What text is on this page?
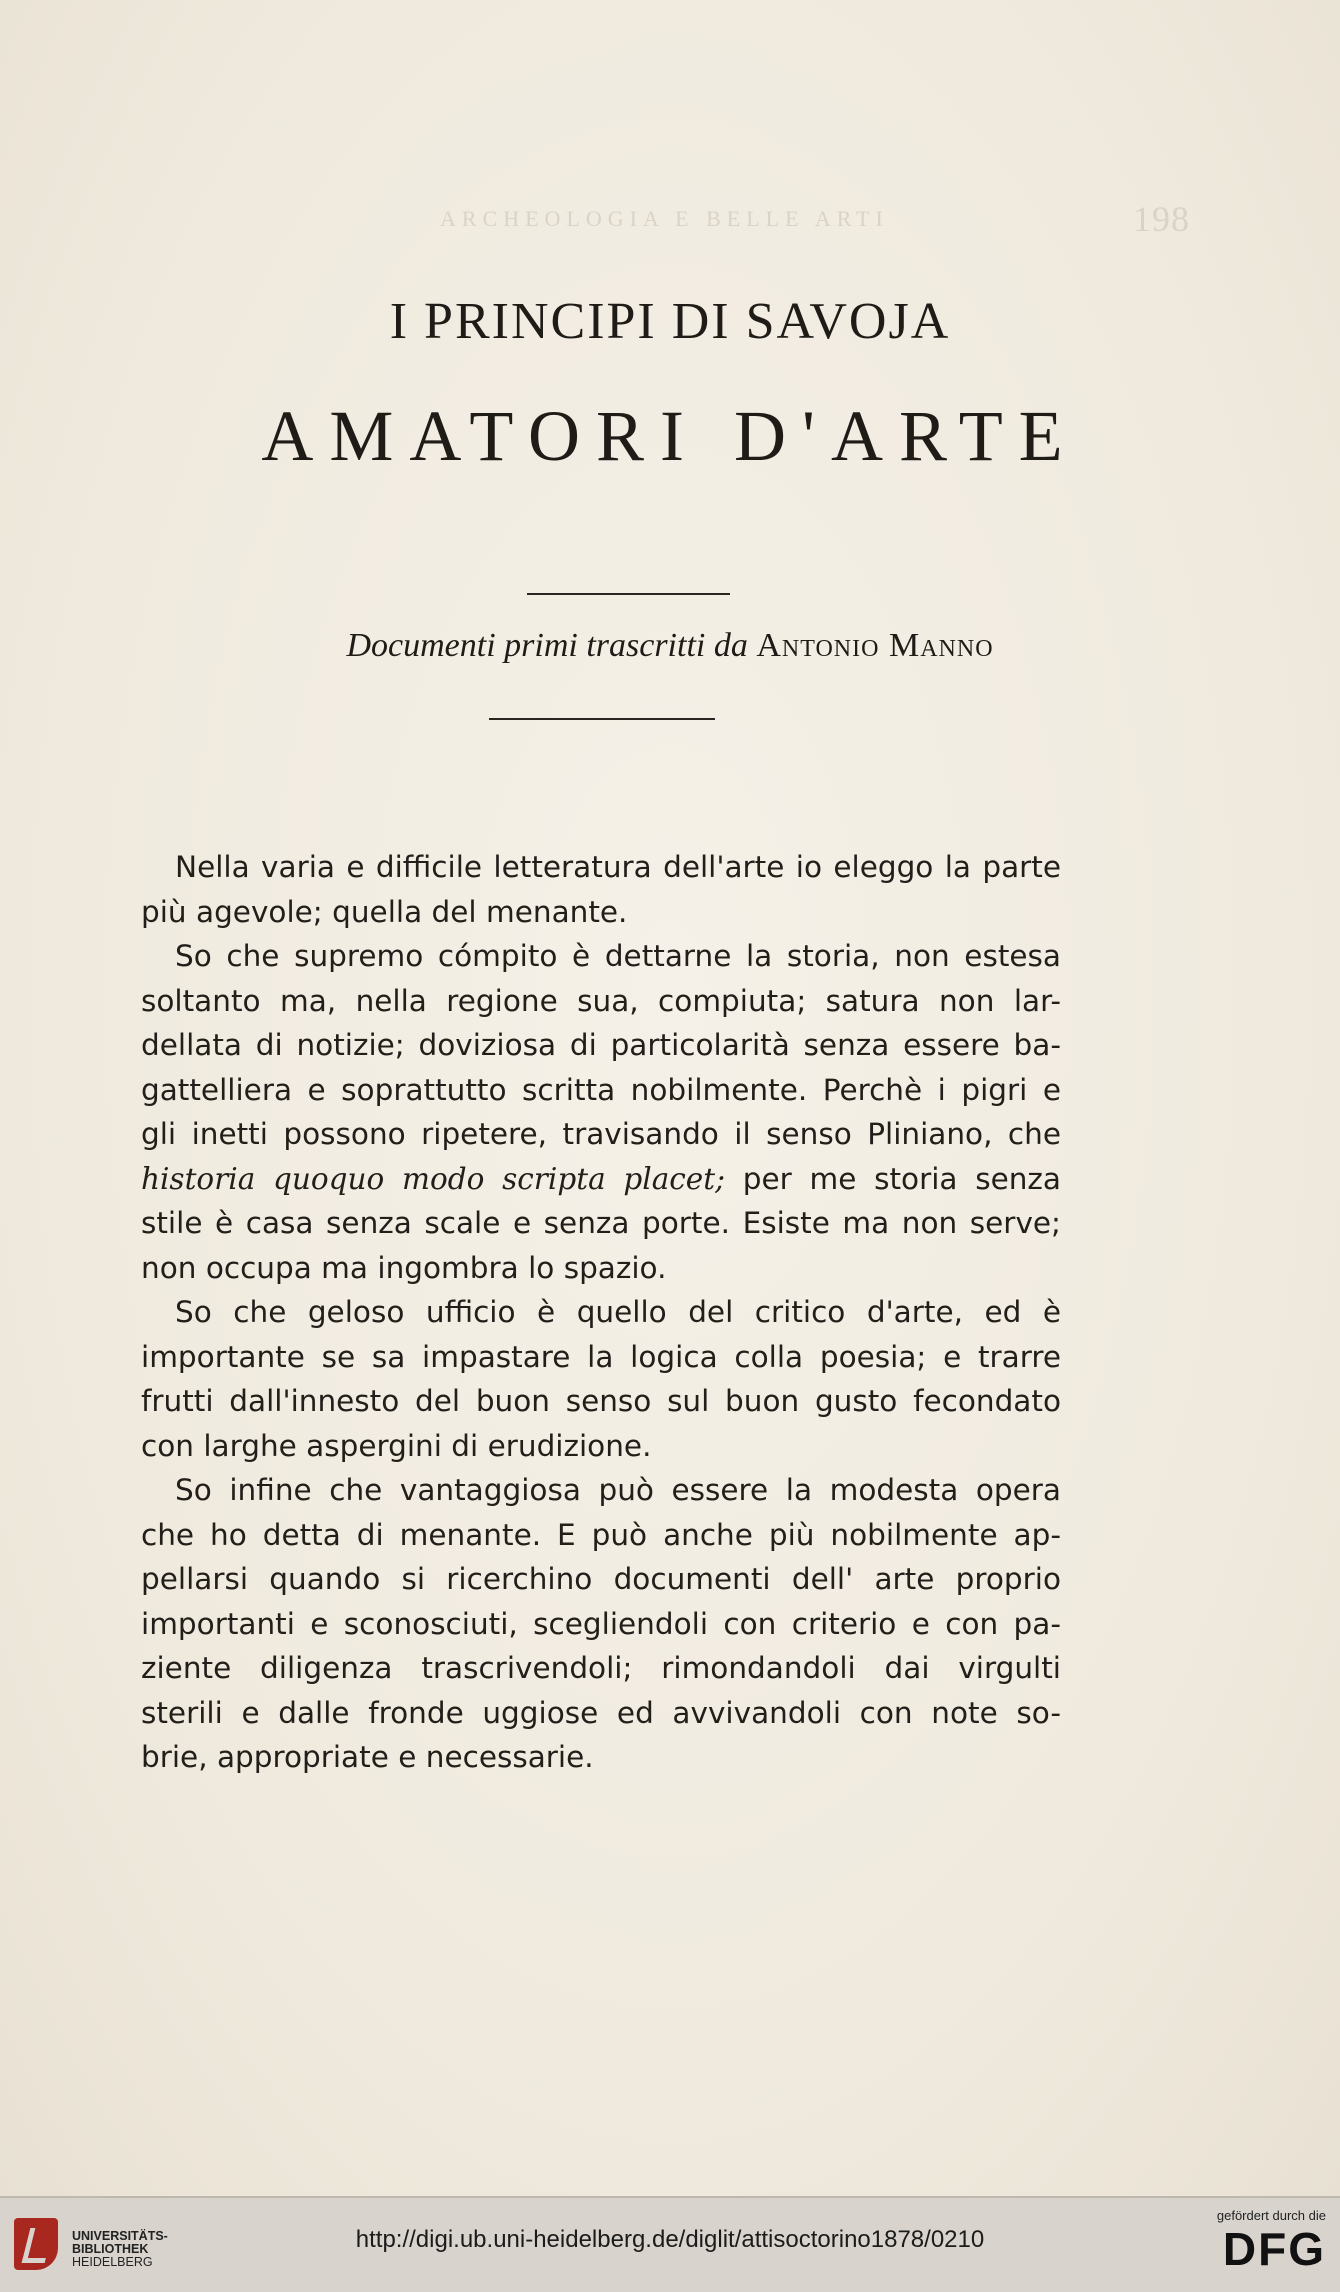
198
ARCHEOLOGIA E BELLE ARTI
I PRINCIPI DI SAVOJA
AMATORI D'ARTE
Documenti primi trascritti da Antonio Manno
Nella varia e difficile letteratura dell'arte io eleggo la parte
più agevole; quella del menante.
So che supremo cómpito è dettarne la storia, non estesa
soltanto ma, nella regione sua, compiuta; satura non lar-
dellata di notizie; doviziosa di particolarità senza essere ba-
gattelliera e soprattutto scritta nobilmente. Perchè i pigri e
gli inetti possono ripetere, travisando il senso Pliniano, che
historia quoquo modo scripta placet; per me storia senza
stile è casa senza scale e senza porte. Esiste ma non serve;
non occupa ma ingombra lo spazio.
So che geloso ufficio è quello del critico d'arte, ed è
importante se sa impastare la logica colla poesia; e trarre
frutti dall'innesto del buon senso sul buon gusto fecondato
con larghe aspergini di erudizione.
So infine che vantaggiosa può essere la modesta opera
che ho detta di menante. E può anche più nobilmente ap-
pellarsi quando si ricerchino documenti dell' arte proprio
importanti e sconosciuti, scegliendoli con criterio e con pa-
ziente diligenza trascrivendoli; rimondandoli dai virgulti
sterili e dalle fronde uggiose ed avvivandoli con note so-
brie, appropriate e necessarie.
UNIVERSITÄTS-
BIBLIOTHEK
HEIDELBERG
http://digi.ub.uni-heidelberg.de/diglit/attisoctorino1878/0210
gefördert durch die
DFG
